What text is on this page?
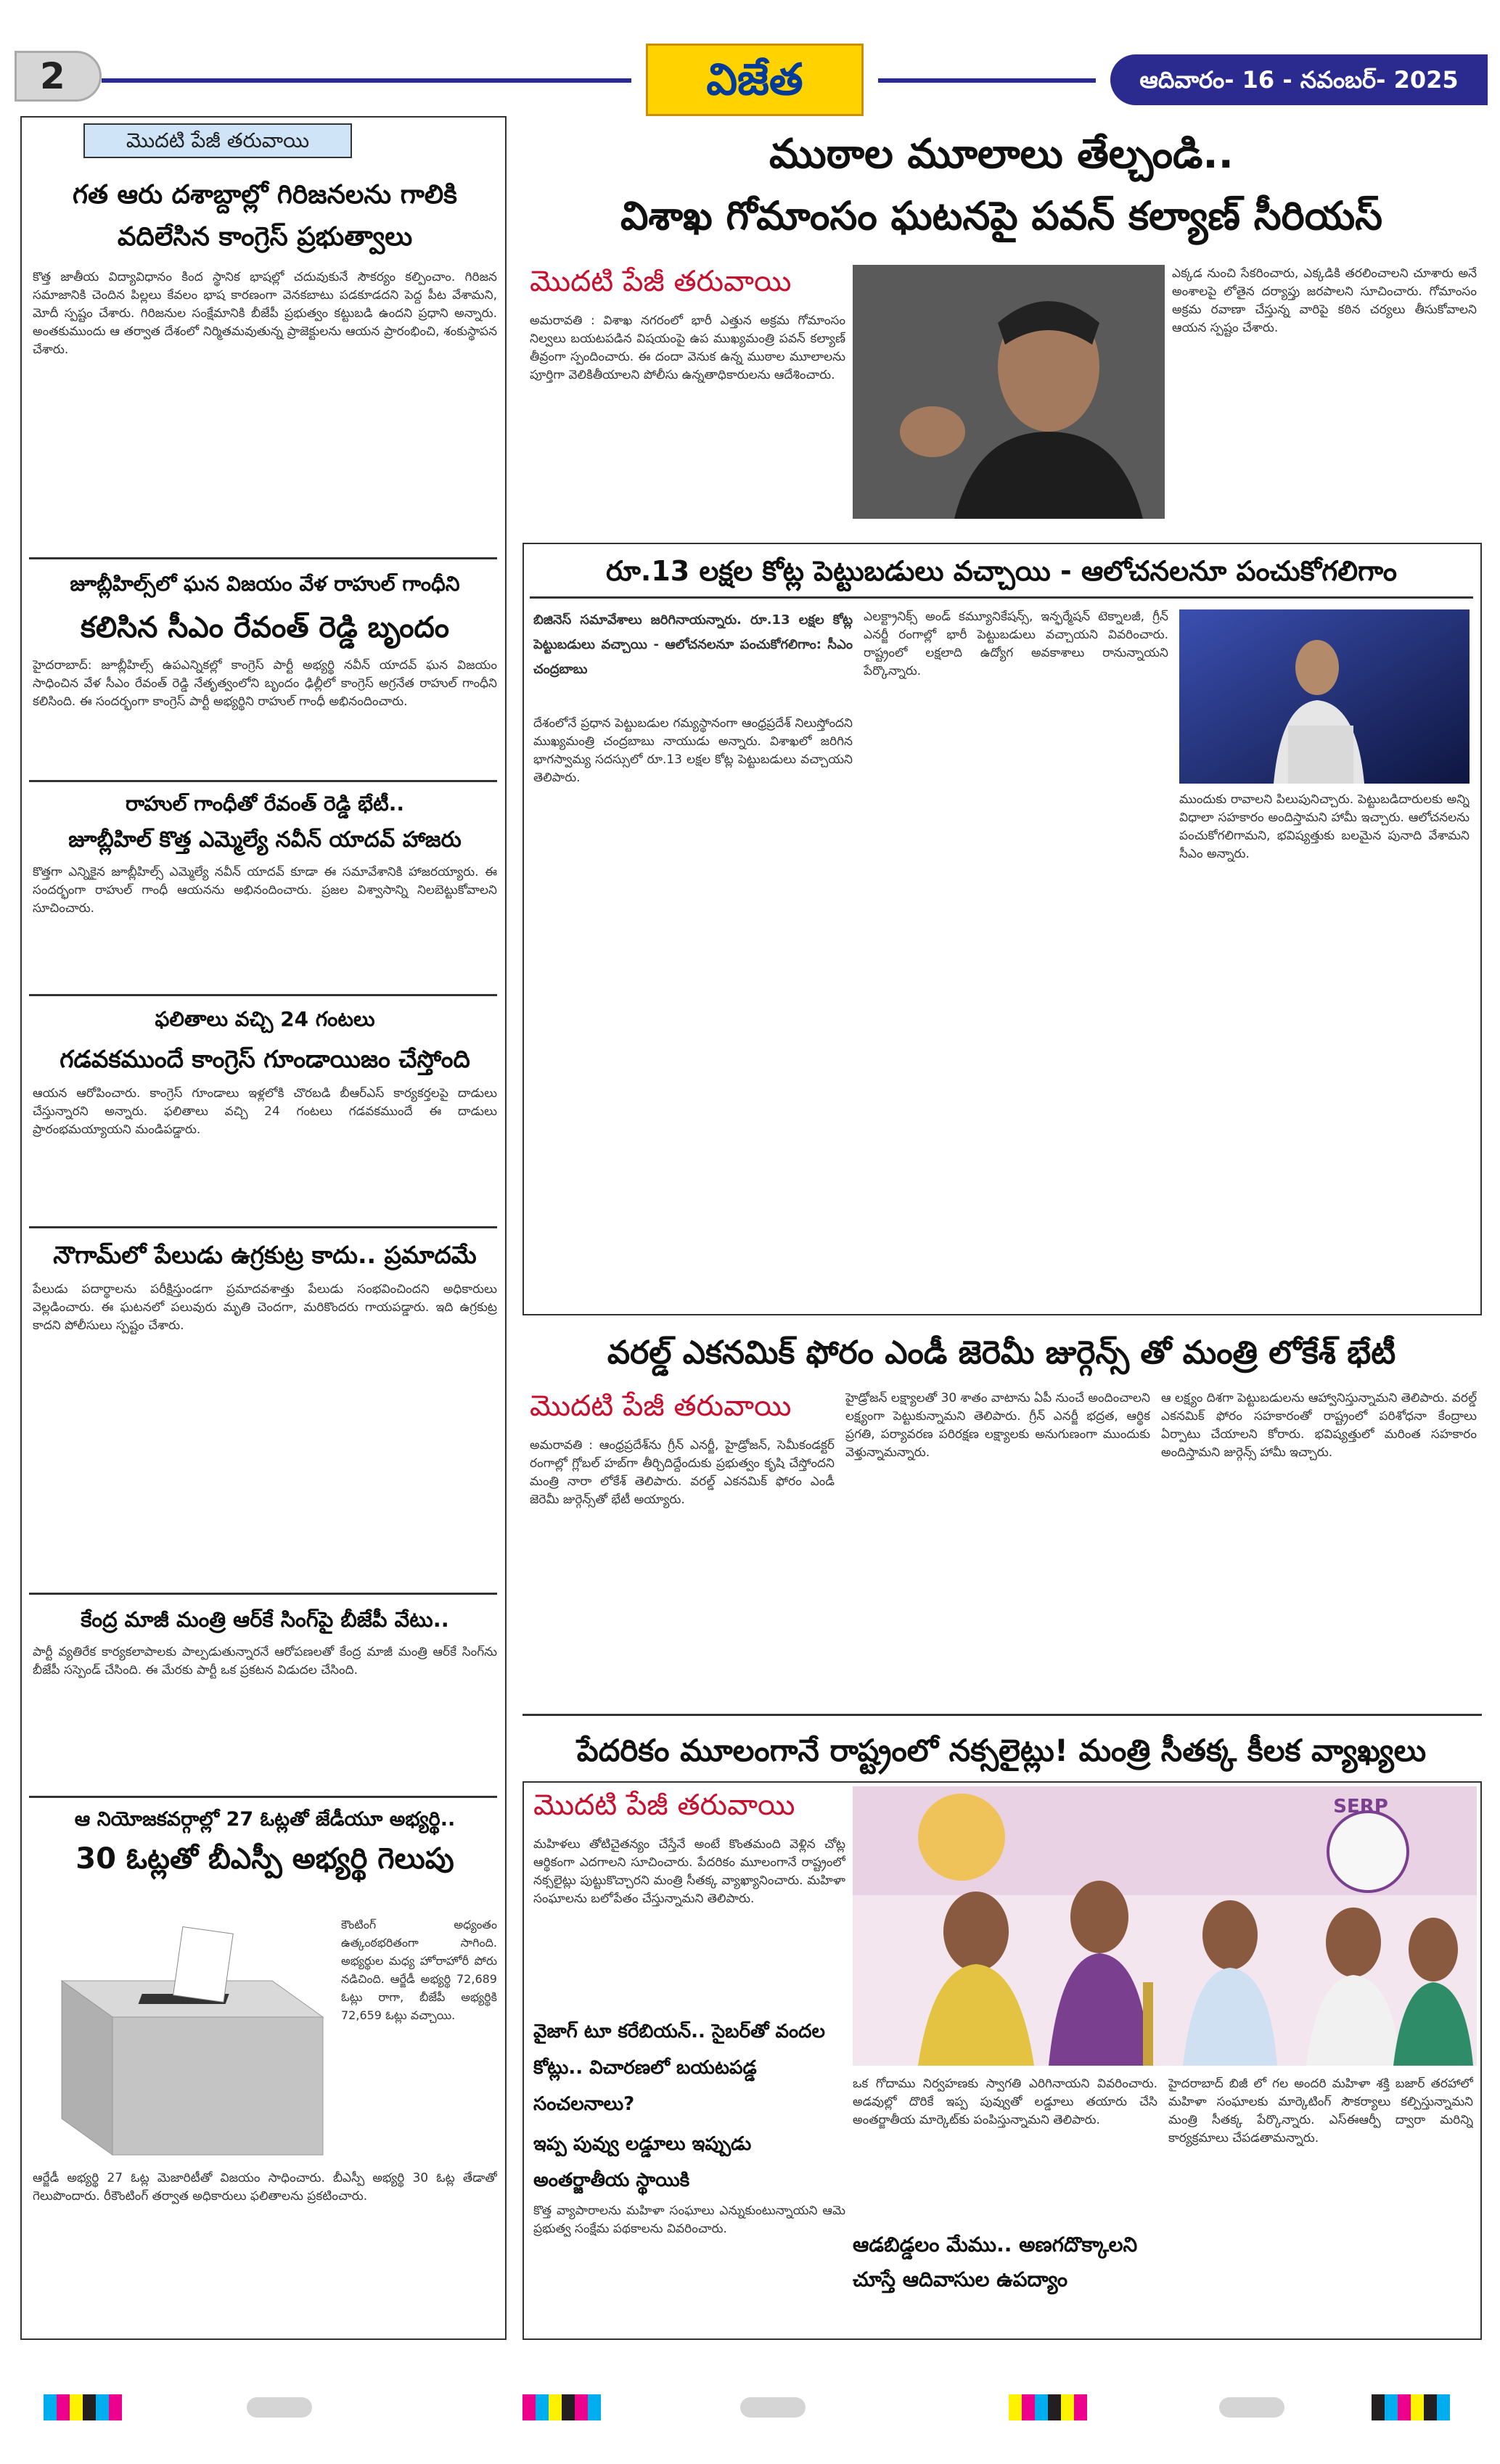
2	విజేత	ఆదివారం- 16 - నవంబర్- 2025
మొదటి పేజీ తరువాయి
గత ఆరు దశాబ్దాల్లో గిరిజనలను గాలికి వదిలేసిన కాంగ్రెస్ ప్రభుత్వాలు
కొత్త జాతీయ విద్యావిధానం కింద స్థానిక భాషల్లో చదువుకునే సౌకర్యం కల్పించాం. గిరిజన సమాజానికి చెందిన పిల్లలు కేవలం భాష కారణంగా వెనకబాటు పడకూడదని పెద్ద పీట వేశామని, మోదీ స్పష్టం చేశారు. గిరిజనుల సంక్షేమానికి బీజేపీ ప్రభుత్వం కట్టుబడి ఉందని ప్రధాని అన్నారు. అంతకుముందు ఆ తర్వాత దేశంలో నిర్మితమవుతున్న ప్రాజెక్టులను ఆయన ప్రారంభించి, శంకుస్థాపన చేశారు.
జూబ్లీహిల్స్‌లో ఘన విజయం వేళ రాహుల్ గాంధీని
కలిసిన సీఎం రేవంత్ రెడ్డి బృందం
హైదరాబాద్: జూబ్లీహిల్స్ ఉపఎన్నికల్లో కాంగ్రెస్ పార్టీ అభ్యర్థి నవీన్ యాదవ్ ఘన విజయం సాధించిన వేళ సీఎం రేవంత్ రెడ్డి నేతృత్వంలోని బృందం ఢిల్లీలో కాంగ్రెస్ అగ్రనేత రాహుల్ గాంధీని కలిసింది. ఈ సందర్భంగా కాంగ్రెస్ పార్టీ అభ్యర్థిని రాహుల్ గాంధీ అభినందించారు.
రాహుల్ గాంధీతో రేవంత్ రెడ్డి భేటీ..
జూబ్లీహిల్ కొత్త ఎమ్మెల్యే నవీన్ యాదవ్ హాజరు
కొత్తగా ఎన్నికైన జూబ్లీహిల్స్ ఎమ్మెల్యే నవీన్ యాదవ్ కూడా ఈ సమావేశానికి హాజరయ్యారు. ఈ సందర్భంగా రాహుల్ గాంధీ ఆయనను అభినందించారు. ప్రజల విశ్వాసాన్ని నిలబెట్టుకోవాలని సూచించారు.
ఫలితాలు వచ్చి 24 గంటలు
గడవకముందే కాంగ్రెస్ గూండాయిజం చేస్తోంది
ఆయన ఆరోపించారు. కాంగ్రెస్ గూండాలు ఇళ్లలోకి చొరబడి బీఆర్ఎస్ కార్యకర్తలపై దాడులు చేస్తున్నారని అన్నారు. ఫలితాలు వచ్చి 24 గంటలు గడవకముందే ఈ దాడులు ప్రారంభమయ్యాయని మండిపడ్డారు.
నౌగామ్‌లో పేలుడు ఉగ్రకుట్ర కాదు.. ప్రమాదమే
పేలుడు పదార్థాలను పరీక్షిస్తుండగా ప్రమాదవశాత్తు పేలుడు సంభవించిందని అధికారులు వెల్లడించారు. ఈ ఘటనలో పలువురు మృతి చెందగా, మరికొందరు గాయపడ్డారు. ఇది ఉగ్రకుట్ర కాదని పోలీసులు స్పష్టం చేశారు.
కేంద్ర మాజీ మంత్రి ఆర్‌కే సింగ్‌పై బీజేపీ వేటు..
పార్టీ వ్యతిరేక కార్యకలాపాలకు పాల్పడుతున్నారనే ఆరోపణలతో కేంద్ర మాజీ మంత్రి ఆర్‌కే సింగ్‌ను బీజేపీ సస్పెండ్ చేసింది. ఈ మేరకు పార్టీ ఒక ప్రకటన విడుదల చేసింది.
ఆ నియోజకవర్గాల్లో 27 ఓట్లతో జేడీయూ అభ్యర్థి..
30 ఓట్లతో బీఎస్పీ అభ్యర్థి గెలుపు
కౌంటింగ్ అధ్యంతం ఉత్కంఠభరితంగా సాగింది. అభ్యర్థుల మధ్య హోరాహోరీ పోరు నడిచింది. ఆర్జేడీ అభ్యర్థి 72,689 ఓట్లు రాగా, బీజేపీ అభ్యర్థికి 72,659 ఓట్లు వచ్చాయి.
ఆర్జేడీ అభ్యర్థి 27 ఓట్ల మెజారిటీతో విజయం సాధించారు. బీఎస్పీ అభ్యర్థి 30 ఓట్ల తేడాతో గెలుపొందారు. రీకౌంటింగ్ తర్వాత అధికారులు ఫలితాలను ప్రకటించారు.
ముఠాల మూలాలు తేల్చండి..
విశాఖ గోమాంసం ఘటనపై పవన్ కల్యాణ్ సీరియస్
మొదటి పేజీ తరువాయి
అమరావతి : విశాఖ నగరంలో భారీ ఎత్తున అక్రమ గోమాంసం నిల్వలు బయటపడిన విషయంపై ఉప ముఖ్యమంత్రి పవన్ కల్యాణ్ తీవ్రంగా స్పందించారు. ఈ దందా వెనుక ఉన్న ముఠాల మూలాలను పూర్తిగా వెలికితీయాలని పోలీసు ఉన్నతాధికారులను ఆదేశించారు.
ఎక్కడ నుంచి సేకరించారు, ఎక్కడికి తరలించాలని చూశారు అనే అంశాలపై లోతైన దర్యాప్తు జరపాలని సూచించారు. గోమాంసం అక్రమ రవాణా చేస్తున్న వారిపై కఠిన చర్యలు తీసుకోవాలని ఆయన స్పష్టం చేశారు.
రూ.13 లక్షల కోట్ల పెట్టుబడులు వచ్చాయి - ఆలోచనలనూ పంచుకోగలిగాం
బిజినెస్ సమావేశాలు జరిగినాయన్నారు. రూ.13 లక్షల కోట్ల పెట్టుబడులు వచ్చాయి - ఆలోచనలనూ పంచుకోగలిగాం: సీఎం చంద్రబాబు
దేశంలోనే ప్రధాన పెట్టుబడుల గమ్యస్థానంగా ఆంధ్రప్రదేశ్ నిలుస్తోందని ముఖ్యమంత్రి చంద్రబాబు నాయుడు అన్నారు. విశాఖలో జరిగిన భాగస్వామ్య సదస్సులో రూ.13 లక్షల కోట్ల పెట్టుబడులు వచ్చాయని తెలిపారు.
ఎలక్ట్రానిక్స్ అండ్ కమ్యూనికేషన్స్, ఇన్ఫర్మేషన్ టెక్నాలజీ, గ్రీన్ ఎనర్జీ రంగాల్లో భారీ పెట్టుబడులు వచ్చాయని వివరించారు. రాష్ట్రంలో లక్షలాది ఉద్యోగ అవకాశాలు రానున్నాయని పేర్కొన్నారు.
ముందుకు రావాలని పిలుపునిచ్చారు. పెట్టుబడిదారులకు అన్ని విధాలా సహకారం అందిస్తామని హామీ ఇచ్చారు. ఆలోచనలను పంచుకోగలిగామని, భవిష్యత్తుకు బలమైన పునాది వేశామని సీఎం అన్నారు.
వరల్డ్ ఎకనమిక్ ఫోరం ఎండీ జెరెమీ జుర్గెన్స్ తో మంత్రి లోకేశ్ భేటీ
మొదటి పేజీ తరువాయి
అమరావతి : ఆంధ్రప్రదేశ్‌ను గ్రీన్ ఎనర్జీ, హైడ్రోజన్, సెమీకండక్టర్ రంగాల్లో గ్లోబల్ హబ్‌గా తీర్చిదిద్దేందుకు ప్రభుత్వం కృషి చేస్తోందని మంత్రి నారా లోకేశ్ తెలిపారు. వరల్డ్ ఎకనమిక్ ఫోరం ఎండీ జెరెమీ జుర్గెన్స్‌తో భేటీ అయ్యారు.
హైడ్రోజన్ లక్ష్యాలతో 30 శాతం వాటాను ఏపీ నుంచే అందించాలని లక్ష్యంగా పెట్టుకున్నామని తెలిపారు. గ్రీన్ ఎనర్జీ భద్రత, ఆర్థిక ప్రగతి, పర్యావరణ పరిరక్షణ లక్ష్యాలకు అనుగుణంగా ముందుకు వెళ్తున్నామన్నారు.
ఆ లక్ష్యం దిశగా పెట్టుబడులను ఆహ్వానిస్తున్నామని తెలిపారు. వరల్డ్ ఎకనమిక్ ఫోరం సహకారంతో రాష్ట్రంలో పరిశోధనా కేంద్రాలు ఏర్పాటు చేయాలని కోరారు. భవిష్యత్తులో మరింత సహకారం అందిస్తామని జుర్గెన్స్ హామీ ఇచ్చారు.
పేదరికం మూలంగానే రాష్ట్రంలో నక్సలైట్లు! మంత్రి సీతక్క కీలక వ్యాఖ్యలు
మొదటి పేజీ తరువాయి
మహిళలు తోటిచైతన్యం చేస్తేనే అంటే కొంతమంది వెళ్లిన చోట్ల ఆర్థికంగా ఎదగాలని సూచించారు. పేదరికం మూలంగానే రాష్ట్రంలో నక్సలైట్లు పుట్టుకొచ్చారని మంత్రి సీతక్క వ్యాఖ్యానించారు. మహిళా సంఘాలను బలోపేతం చేస్తున్నామని తెలిపారు.
వైజాగ్ టూ కరేబియన్.. సైబర్‌తో వందల కోట్లు.. విచారణలో బయటపడ్డ సంచలనాలు?
ఇప్ప పువ్వు లడ్డూలు ఇప్పుడు అంతర్జాతీయ స్థాయికి
కొత్త వ్యాపారాలను మహిళా సంఘాలు ఎన్నుకుంటున్నాయని ఆమె ప్రభుత్వ సంక్షేమ పథకాలను వివరించారు.
SERP
ఒక గోదాము నిర్వహణకు స్వాగతి ఎరిగినాయని వివరించారు. అడవుల్లో దొరికే ఇప్ప పువ్వుతో లడ్డూలు తయారు చేసి అంతర్జాతీయ మార్కెట్‌కు పంపిస్తున్నామని తెలిపారు.
ఆడబిడ్డలం మేము.. అణగదొక్కాలని చూస్తే ఆదివాసుల ఉపద్యాం
హైదరాబాద్ బిజీ లో గల అందరి మహిళా శక్తి బజార్ తరహాలో మహిళా సంఘాలకు మార్కెటింగ్ సౌకర్యాలు కల్పిస్తున్నామని మంత్రి సీతక్క పేర్కొన్నారు. ఎస్ఈఆర్పీ ద్వారా మరిన్ని కార్యక్రమాలు చేపడతామన్నారు.
